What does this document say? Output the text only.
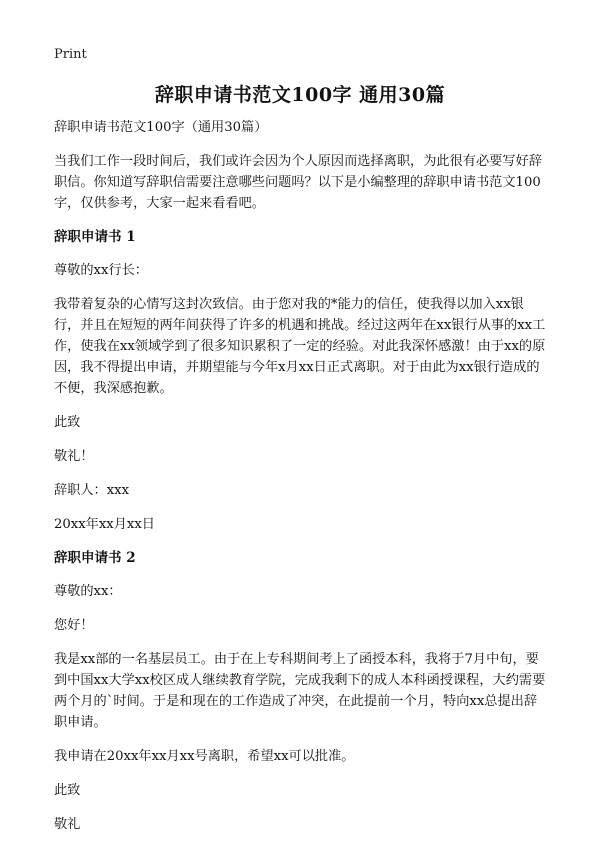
Print
辞职申请书范文100字 通用30篇

辞职申请书范文100字（通用30篇）

当我们工作一段时间后，我们或许会因为个人原因而选择离职，为此很有必要写好辞职信。你知道写辞职信需要注意哪些问题吗？以下是小编整理的辞职申请书范文100字，仅供参考，大家一起来看看吧。

辞职申请书 1

尊敬的xx行长：

我带着复杂的心情写这封次致信。由于您对我的*能力的信任，使我得以加入xx银行，并且在短短的两年间获得了许多的机遇和挑战。经过这两年在xx银行从事的xx工作，使我在xx领域学到了很多知识累积了一定的经验。对此我深怀感激！由于xx的原因，我不得提出申请，并期望能与今年x月xx日正式离职。对于由此为xx银行造成的不便，我深感抱歉。

此致

敬礼！

辞职人：xxx

20xx年xx月xx日

辞职申请书 2

尊敬的xx：

您好！

我是xx部的一名基层员工。由于在上专科期间考上了函授本科，我将于7月中旬，要到中国xx大学xx校区成人继续教育学院，完成我剩下的成人本科函授课程，大约需要两个月的`时间。于是和现在的工作造成了冲突，在此提前一个月，特向xx总提出辞职申请。

我申请在20xx年xx月xx号离职，希望xx可以批准。

此致

敬礼
